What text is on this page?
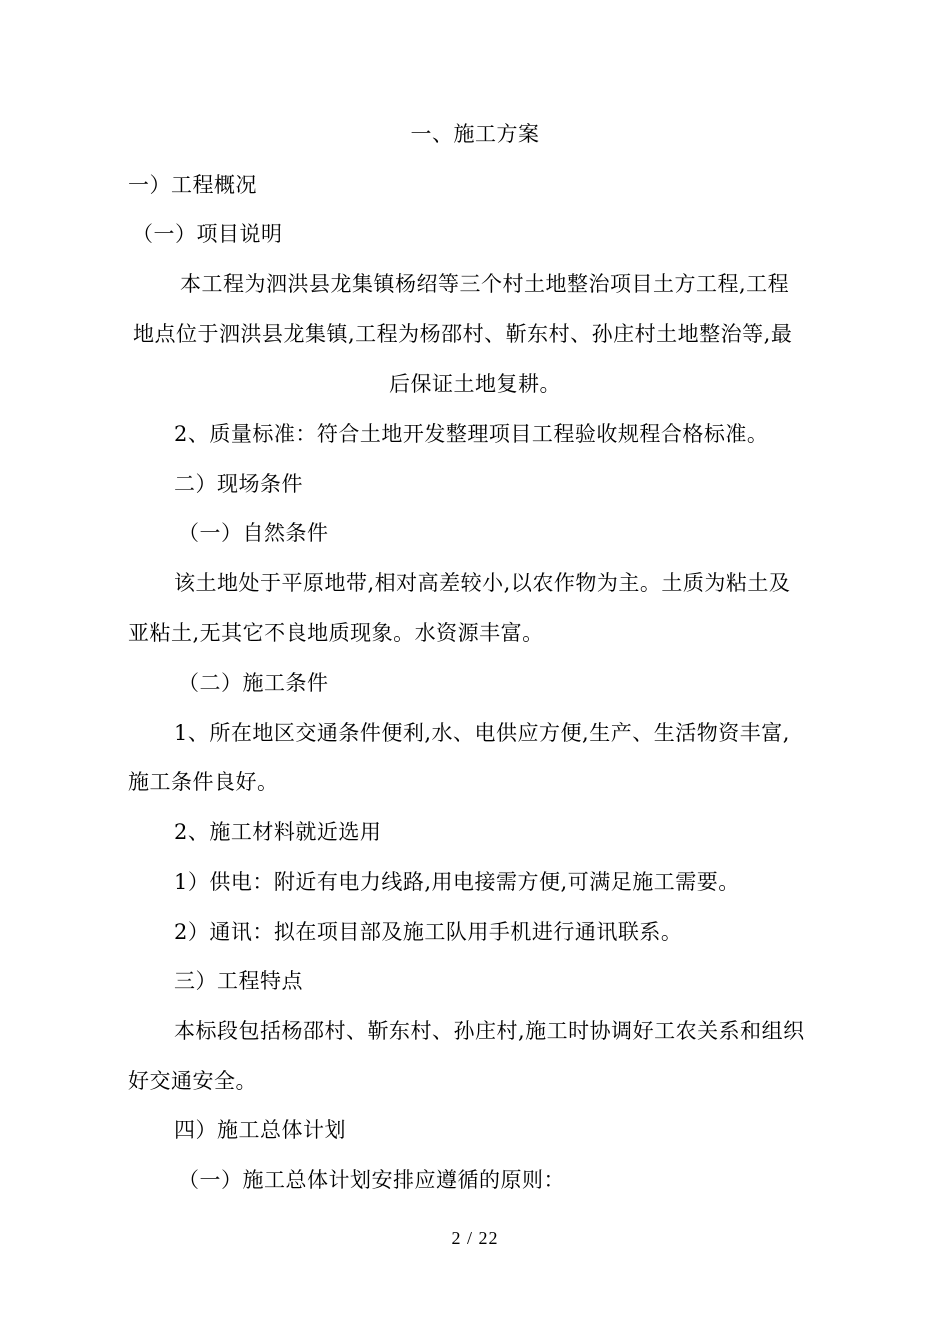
一、施工方案
一）工程概况
（一）项目说明
本工程为泗洪县龙集镇杨绍等三个村土地整治项目土方工程,工程
地点位于泗洪县龙集镇,工程为杨邵村、靳东村、孙庄村土地整治等,最
后保证土地复耕。
2、质量标准：符合土地开发整理项目工程验收规程合格标准。
二）现场条件
（一）自然条件
该土地处于平原地带,相对高差较小,以农作物为主。土质为粘土及
亚粘土,无其它不良地质现象。水资源丰富。
（二）施工条件
1、所在地区交通条件便利,水、电供应方便,生产、生活物资丰富,
施工条件良好。
2、施工材料就近选用
1）供电：附近有电力线路,用电接需方便,可满足施工需要。
2）通讯：拟在项目部及施工队用手机进行通讯联系。
三）工程特点
本标段包括杨邵村、靳东村、孙庄村,施工时协调好工农关系和组织
好交通安全。
四）施工总体计划
（一）施工总体计划安排应遵循的原则：
2 / 22
